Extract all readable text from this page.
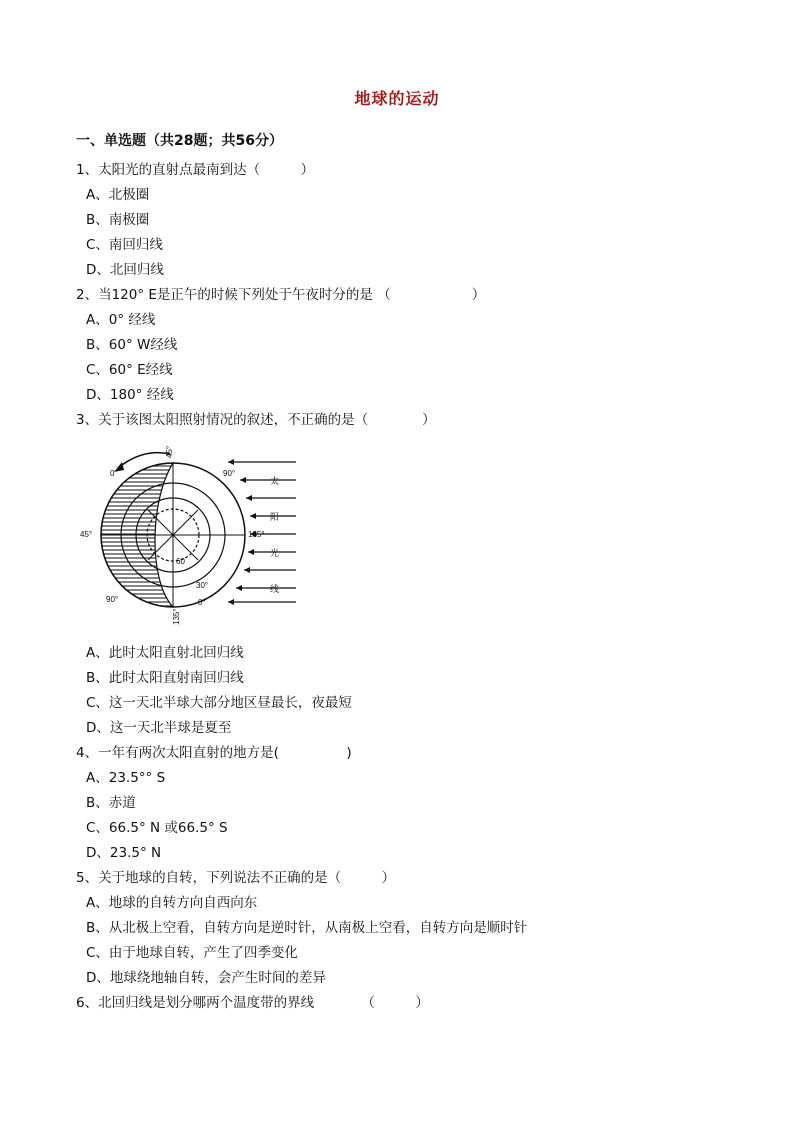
地球的运动
一、单选题（共28题；共56分）
1、太阳光的直射点最南到达（　　　）
A、北极圈
B、南极圈
C、南回归线
D、北回归线
2、当120° E是正午的时候下列处于午夜时分的是 （　　　　　　）
A、0° 经线
B、60° W经线
C、60° E经线
D、180° 经线
3、关于该图太阳照射情况的叙述，不正确的是（　　　　）
45°
45°	135°
135°
0
90°
90°
0°
30°
60
太
阳
光
线
A、此时太阳直射北回归线
B、此时太阳直射南回归线
C、这一天北半球大部分地区昼最长，夜最短
D、这一天北半球是夏至
4、一年有两次太阳直射的地方是(　　　　　)
A、23.5°° S
B、赤道
C、66.5° N 或66.5° S
D、23.5° N
5、关于地球的自转，下列说法不正确的是（　　　）
A、地球的自转方向自西向东
B、从北极上空看，自转方向是逆时针，从南极上空看，自转方向是顺时针
C、由于地球自转，产生了四季变化
D、地球绕地轴自转，会产生时间的差异
6、北回归线是划分哪两个温度带的界线　　　　（　　　）
